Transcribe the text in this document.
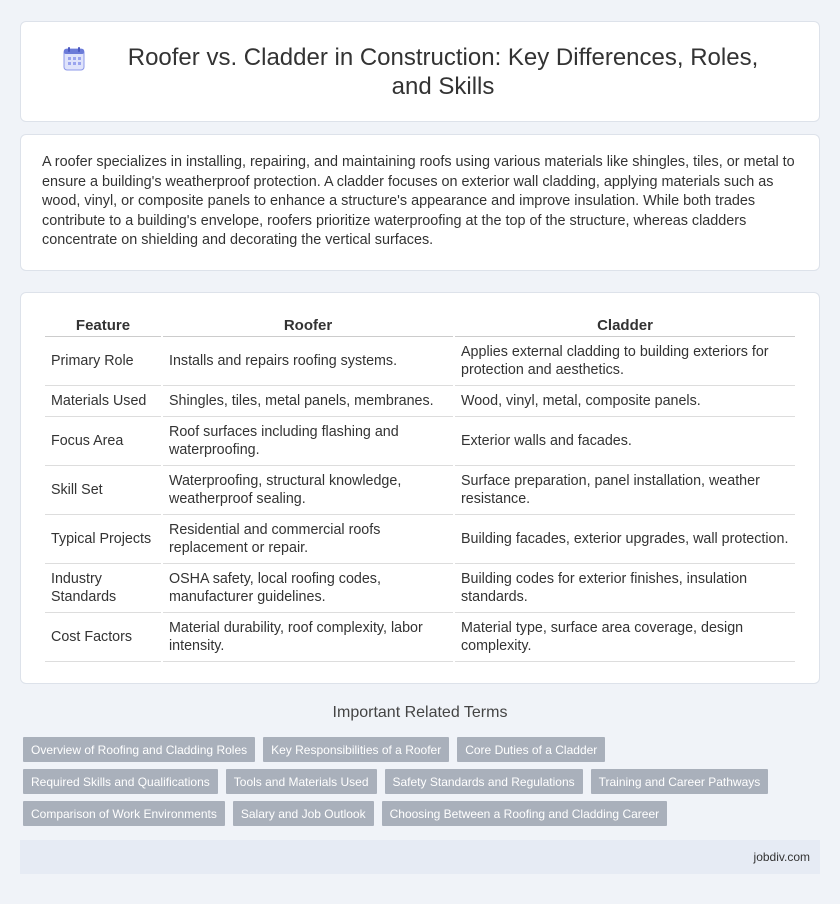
Roofer vs. Cladder in Construction: Key Differences, Roles, and Skills

A roofer specializes in installing, repairing, and maintaining roofs using various materials like shingles, tiles, or metal to ensure a building's weatherproof protection. A cladder focuses on exterior wall cladding, applying materials such as wood, vinyl, or composite panels to enhance a structure's appearance and improve insulation. While both trades contribute to a building's envelope, roofers prioritize waterproofing at the top of the structure, whereas cladders concentrate on shielding and decorating the vertical surfaces.

Feature	Roofer	Cladder
Primary Role	Installs and repairs roofing systems.	Applies external cladding to building exteriors for protection and aesthetics.
Materials Used	Shingles, tiles, metal panels, membranes.	Wood, vinyl, metal, composite panels.
Focus Area	Roof surfaces including flashing and waterproofing.	Exterior walls and facades.
Skill Set	Waterproofing, structural knowledge, weatherproof sealing.	Surface preparation, panel installation, weather resistance.
Typical Projects	Residential and commercial roofs replacement or repair.	Building facades, exterior upgrades, wall protection.
Industry Standards	OSHA safety, local roofing codes, manufacturer guidelines.	Building codes for exterior finishes, insulation standards.
Cost Factors	Material durability, roof complexity, labor intensity.	Material type, surface area coverage, design complexity.
Important Related Terms
Overview of Roofing and Cladding Roles	Key Responsibilities of a Roofer	Core Duties of a Cladder
Required Skills and Qualifications	Tools and Materials Used	Safety Standards and Regulations	Training and Career Pathways
Comparison of Work Environments	Salary and Job Outlook	Choosing Between a Roofing and Cladding Career
jobdiv.com
